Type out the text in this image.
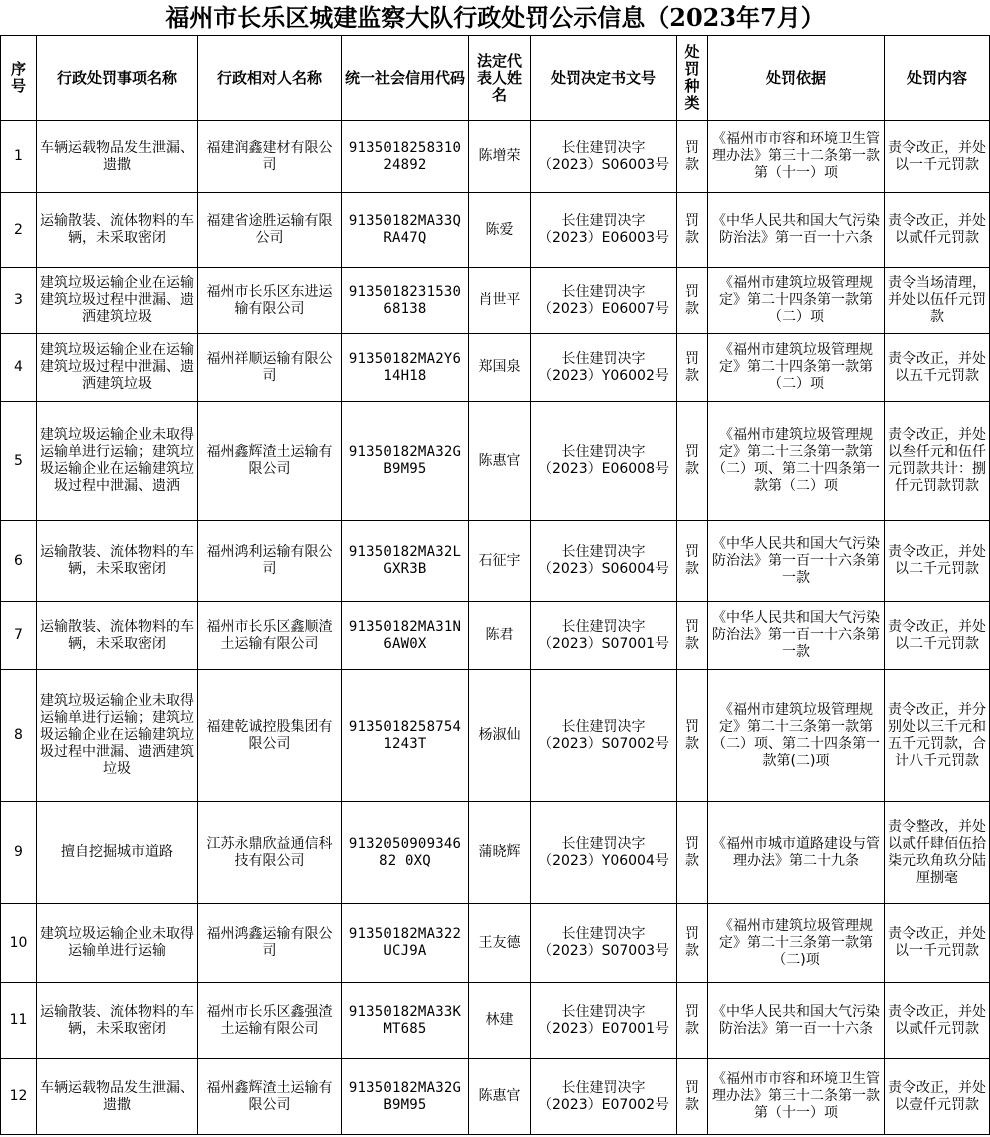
福州市长乐区城建监察大队行政处罚公示信息（2023年7月）
序号	行政处罚事项名称	行政相对人名称	统一社会信用代码	法定代表人姓名	处罚决定书文号	处罚种类	处罚依据	处罚内容
1	车辆运载物品发生泄漏、遗撒	福建润鑫建材有限公司	913501825831024892	陈增荣	长住建罚决字（2023）S06003号	罚款	《福州市市容和环境卫生管理办法》第三十二条第一款第（十一）项	责令改正，并处以一千元罚款
2	运输散装、流体物料的车辆，未采取密闭	福建省途胜运输有限公司	91350182MA33QRA47Q	陈爱	长住建罚决字（2023）E06003号	罚款	《中华人民共和国大气污染防治法》第一百一十六条	责令改正，并处以贰仟元罚款
3	建筑垃圾运输企业在运输建筑垃圾过程中泄漏、遗洒建筑垃圾	福州市长乐区东进运输有限公司	913501823153068138	肖世平	长住建罚决字（2023）E06007号	罚款	《福州市建筑垃圾管理规定》第二十四条第一款第（二）项	责令当场清理，并处以伍仟元罚款
4	建筑垃圾运输企业在运输建筑垃圾过程中泄漏、遗洒建筑垃圾	福州祥顺运输有限公司	91350182MA2Y614H18	郑国泉	长住建罚决字（2023）Y06002号	罚款	《福州市建筑垃圾管理规定》第二十四条第一款第（二）项	责令改正，并处以五千元罚款
5	建筑垃圾运输企业未取得运输单进行运输；建筑垃圾运输企业在运输建筑垃圾过程中泄漏、遗洒	福州鑫辉渣土运输有限公司	91350182MA32GB9M95	陈惠官	长住建罚决字（2023）E06008号	罚款	《福州市建筑垃圾管理规定》第二十三条第一款第（二）项、第二十四条第一款第（二）项	责令改正，并处以叁仟元和伍仟元罚款共计：捌仟元罚款罚款
6	运输散装、流体物料的车辆，未采取密闭	福州鸿利运输有限公司	91350182MA32LGXR3B	石征宇	长住建罚决字（2023）S06004号	罚款	《中华人民共和国大气污染防治法》第一百一十六条第一款	责令改正，并处以二千元罚款
7	运输散装、流体物料的车辆，未采取密闭	福州市长乐区鑫顺渣土运输有限公司	91350182MA31N6AW0X	陈君	长住建罚决字（2023）S07001号	罚款	《中华人民共和国大气污染防治法》第一百一十六条第一款	责令改正，并处以二千元罚款
8	建筑垃圾运输企业未取得运输单进行运输；建筑垃圾运输企业在运输建筑垃圾过程中泄漏、遗洒建筑垃圾	福建乾诚控股集团有限公司	91350182587541243T	杨淑仙	长住建罚决字（2023）S07002号	罚款	《福州市建筑垃圾管理规定》第二十三条第一款第（二）项、第二十四条第一款第(二)项	责令改正，并分别处以三千元和五千元罚款，合计八千元罚款
9	擅自挖掘城市道路	江苏永鼎欣益通信科技有限公司	913205090934682 0XQ	蒲晓辉	长住建罚决字（2023）Y06004号	罚款	《福州市城市道路建设与管理办法》第二十九条	责令整改，并处以贰仟肆佰伍拾柒元玖角玖分陆厘捌毫
10	建筑垃圾运输企业未取得运输单进行运输	福州鸿鑫运输有限公司	91350182MA322UCJ9A	王友德	长住建罚决字（2023）S07003号	罚款	《福州市建筑垃圾管理规定》第二十三条第一款第（二)项	责令改正，并处以一千元罚款
11	运输散装、流体物料的车辆，未采取密闭	福州市长乐区鑫强渣土运输有限公司	91350182MA33KMT685	林建	长住建罚决字（2023）E07001号	罚款	《中华人民共和国大气污染防治法》第一百一十六条	责令改正，并处以贰仟元罚款
12	车辆运载物品发生泄漏、遗撒	福州鑫辉渣土运输有限公司	91350182MA32GB9M95	陈惠官	长住建罚决字（2023）E07002号	罚款	《福州市市容和环境卫生管理办法》第三十二条第一款第（十一）项	责令改正，并处以壹仟元罚款
